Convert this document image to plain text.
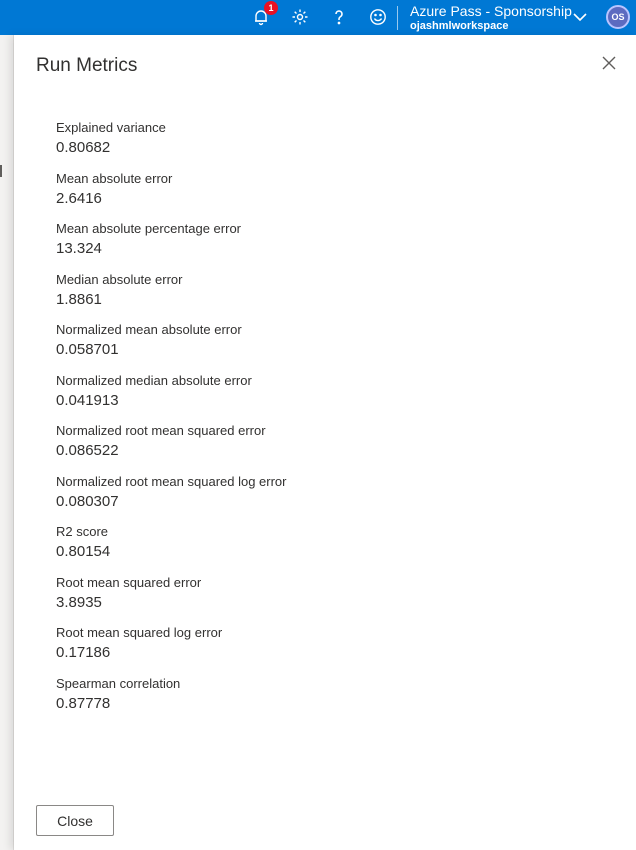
1	Azure Pass - Sponsorship
ojashmlworkspace
OS
Run Metrics
Explained variance
0.80682
Mean absolute error
2.6416
Mean absolute percentage error
13.324
Median absolute error
1.8861
Normalized mean absolute error
0.058701
Normalized median absolute error
0.041913
Normalized root mean squared error
0.086522
Normalized root mean squared log error
0.080307
R2 score
0.80154
Root mean squared error
3.8935
Root mean squared log error
0.17186
Spearman correlation
0.87778
Close
